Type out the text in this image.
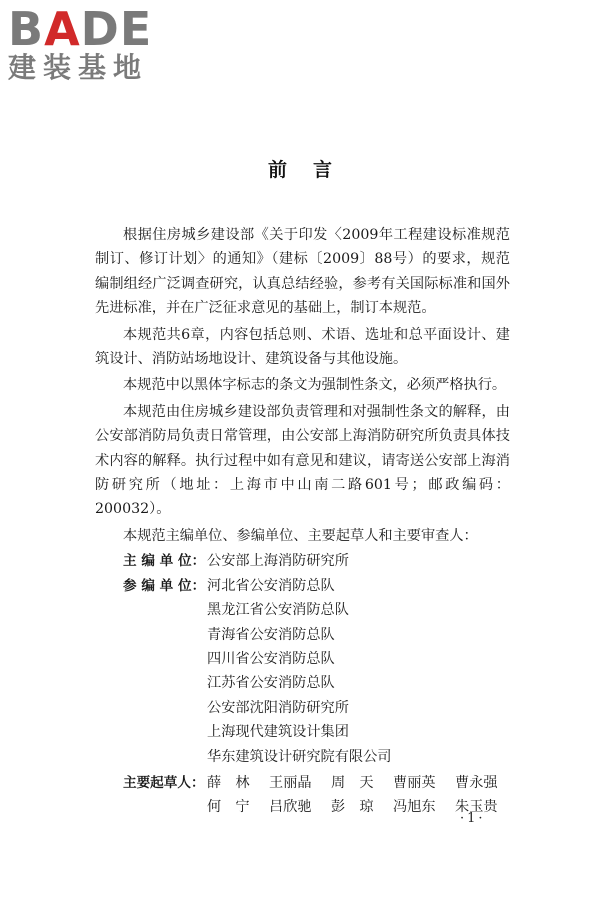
BADE
建装基地
前言

根据住房城乡建设部《关于印发〈2009年工程建设标准规范制订、修订计划〉的通知》（建标〔2009〕88号）的要求，规范编制组经广泛调查研究，认真总结经验，参考有关国际标准和国外先进标准，并在广泛征求意见的基础上，制订本规范。

本规范共6章，内容包括总则、术语、选址和总平面设计、建筑设计、消防站场地设计、建筑设备与其他设施。

本规范中以黑体字标志的条文为强制性条文，必须严格执行。

本规范由住房城乡建设部负责管理和对强制性条文的解释，由公安部消防局负责日常管理，由公安部上海消防研究所负责具体技术内容的解释。执行过程中如有意见和建议，请寄送公安部上海消防研究所（地址：上海市中山南二路601号；邮政编码：200032）。

本规范主编单位、参编单位、主要起草人和主要审查人：

主 编 单 位： 公安部上海消防研究所
参 编 单 位： 河北省公安消防总队
黑龙江省公安消防总队
青海省公安消防总队
四川省公安消防总队
江苏省公安消防总队
公安部沈阳消防研究所
上海现代建筑设计集团
华东建筑设计研究院有限公司
主要起草人： 薛　林	王丽晶	周　天	曹丽英	曹永强
何　宁	吕欣驰	彭　琼	冯旭东	朱玉贵
·1·
